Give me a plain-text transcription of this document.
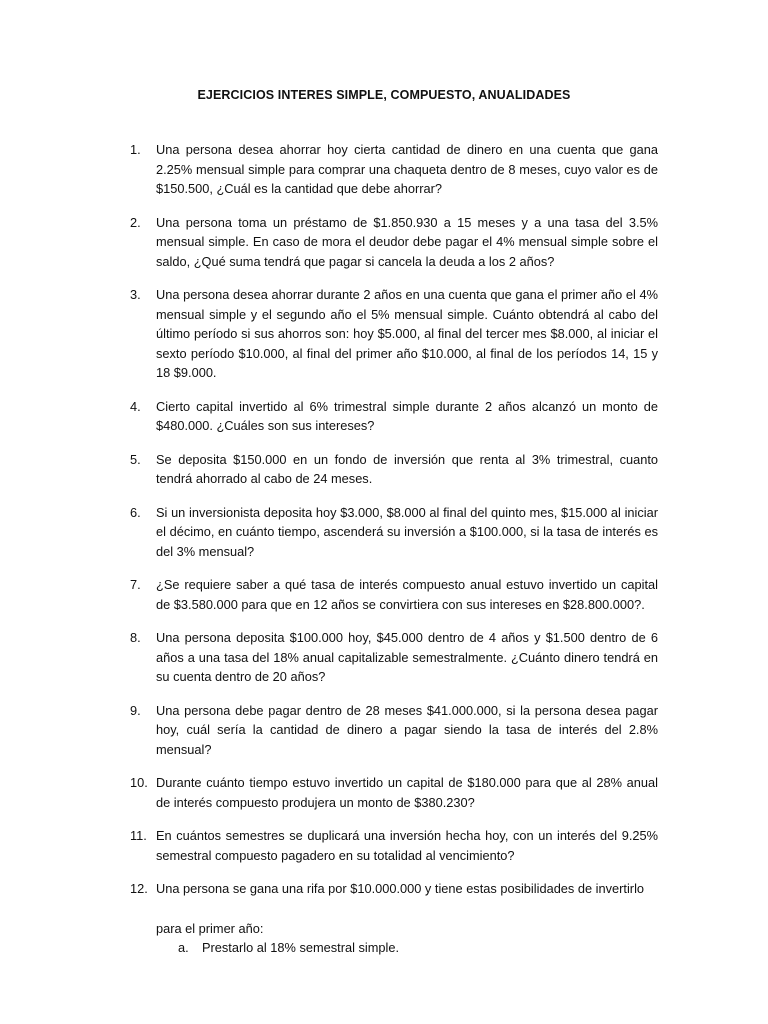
EJERCICIOS INTERES SIMPLE, COMPUESTO, ANUALIDADES
1. Una persona desea ahorrar hoy cierta cantidad de dinero en una cuenta que gana 2.25% mensual simple para comprar una chaqueta dentro de 8 meses, cuyo valor es de $150.500, ¿Cuál es la cantidad que debe ahorrar?
2. Una persona toma un préstamo de $1.850.930 a 15 meses y a una tasa del 3.5% mensual simple. En caso de mora el deudor debe pagar el 4% mensual simple sobre el saldo, ¿Qué suma tendrá que pagar si cancela la deuda a los 2 años?
3. Una persona desea ahorrar durante 2 años en una cuenta que gana el primer año el 4% mensual simple y el segundo año el 5% mensual simple. Cuánto obtendrá al cabo del último período si sus ahorros son: hoy $5.000, al final del tercer mes $8.000, al iniciar el sexto período $10.000, al final del primer año $10.000, al final de los períodos 14, 15 y 18 $9.000.
4. Cierto capital invertido al 6% trimestral simple durante 2 años alcanzó un monto de $480.000. ¿Cuáles son sus intereses?
5. Se deposita $150.000 en un fondo de inversión que renta al 3% trimestral, cuanto tendrá ahorrado al cabo de 24 meses.
6. Si un inversionista deposita hoy $3.000, $8.000 al final del quinto mes, $15.000 al iniciar el décimo, en cuánto tiempo, ascenderá su inversión a $100.000, si la tasa de interés es del 3% mensual?
7. ¿Se requiere saber a qué tasa de interés compuesto anual estuvo invertido un capital de $3.580.000 para que en 12 años se convirtiera con sus intereses en $28.800.000?.
8. Una persona deposita $100.000 hoy, $45.000 dentro de 4 años y $1.500 dentro de 6 años a una tasa del 18% anual capitalizable semestralmente. ¿Cuánto dinero tendrá en su cuenta dentro de 20 años?
9. Una persona debe pagar dentro de 28 meses $41.000.000, si la persona desea pagar hoy, cuál sería la cantidad de dinero a pagar siendo la tasa de interés del 2.8% mensual?
10. Durante cuánto tiempo estuvo invertido un capital de $180.000 para que al 28% anual de interés compuesto produjera un monto de $380.230?
11. En cuántos semestres se duplicará una inversión hecha hoy, con un interés del 9.25% semestral compuesto pagadero en su totalidad al vencimiento?
12. Una persona se gana una rifa por $10.000.000 y tiene estas posibilidades de invertirlo
para el primer año:
a. Prestarlo al 18% semestral simple.
